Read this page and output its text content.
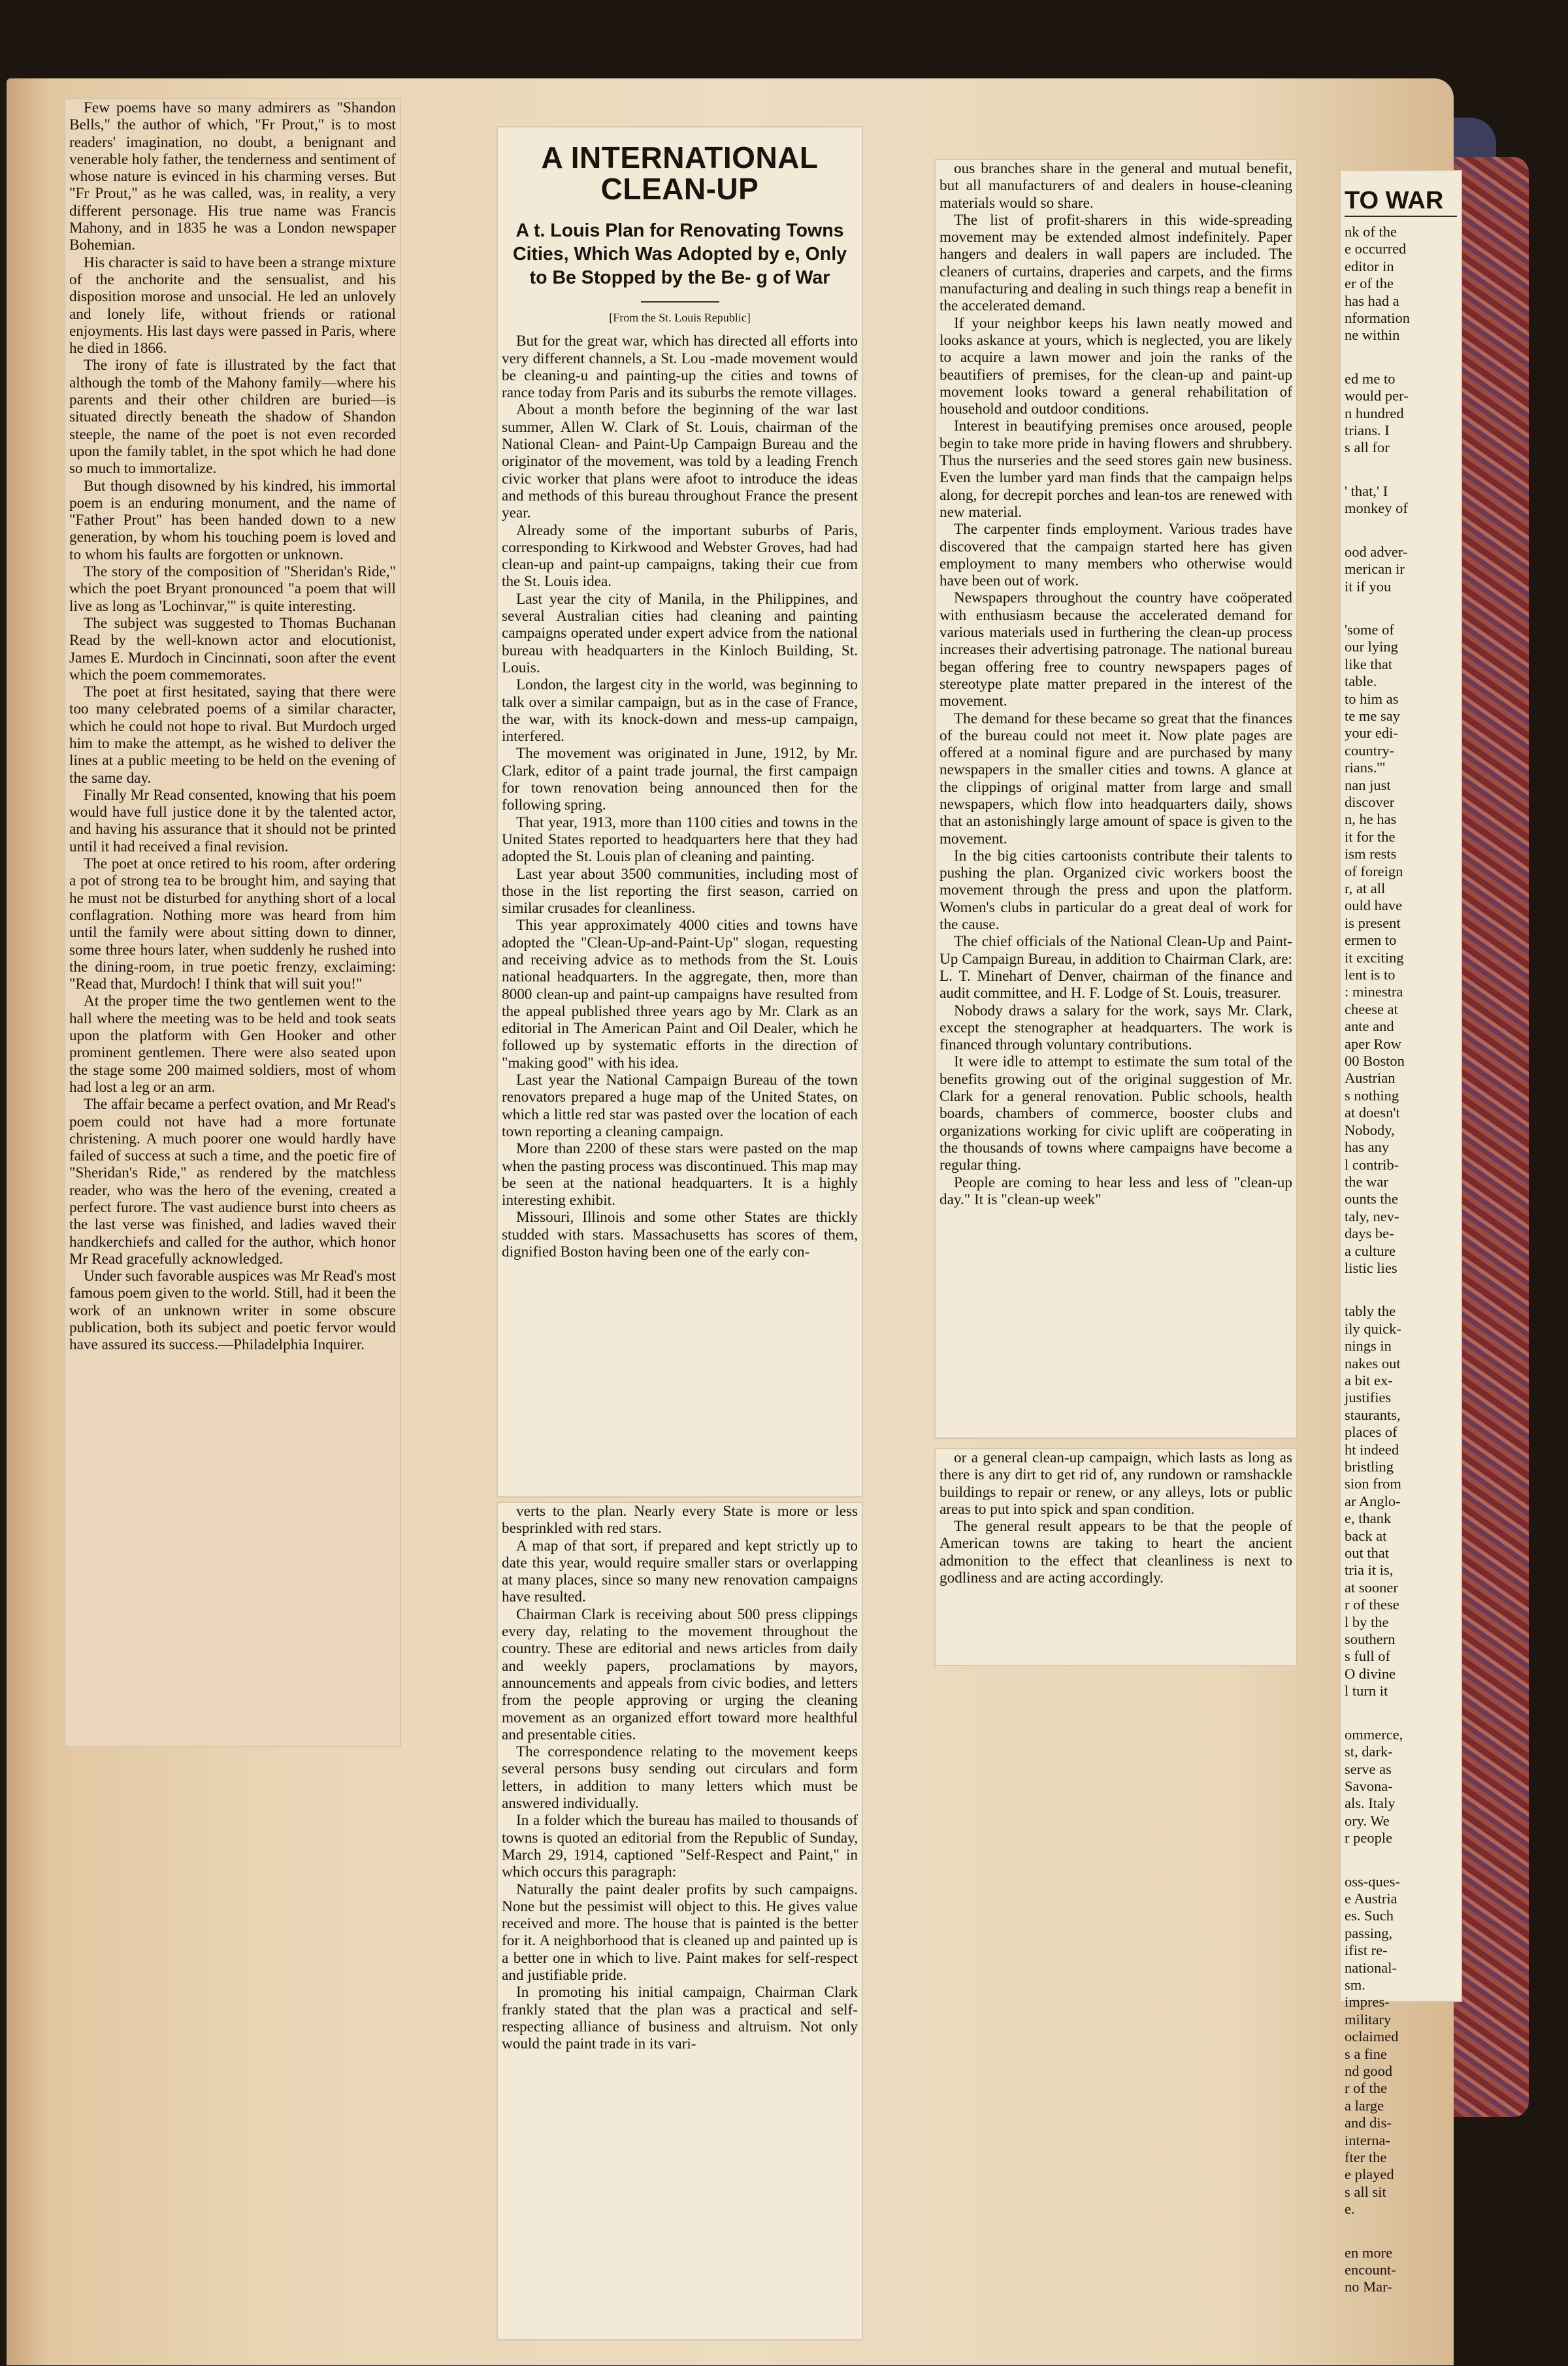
Few poems have so many admirers as "Shandon Bells," the author of which, "Fr Prout," is to most readers' imagination, no doubt, a benignant and venerable holy father, the tenderness and sentiment of whose nature is evinced in his charming verses. But "Fr Prout," as he was called, was, in reality, a very different personage. His true name was Francis Mahony, and in 1835 he was a London newspaper Bohemian.

His character is said to have been a strange mixture of the anchorite and the sensualist, and his disposition morose and unsocial. He led an unlovely and lonely life, without friends or rational enjoyments. His last days were passed in Paris, where he died in 1866.

The irony of fate is illustrated by the fact that although the tomb of the Mahony family—where his parents and their other children are buried—is situated directly beneath the shadow of Shandon steeple, the name of the poet is not even recorded upon the family tablet, in the spot which he had done so much to immortalize.

But though disowned by his kindred, his immortal poem is an enduring monument, and the name of "Father Prout" has been handed down to a new generation, by whom his touching poem is loved and to whom his faults are forgotten or unknown.

The story of the composition of "Sheridan's Ride," which the poet Bryant pronounced "a poem that will live as long as 'Lochinvar,'" is quite interesting.

The subject was suggested to Thomas Buchanan Read by the well-known actor and elocutionist, James E. Murdoch in Cincinnati, soon after the event which the poem commemorates.

The poet at first hesitated, saying that there were too many celebrated poems of a similar character, which he could not hope to rival. But Murdoch urged him to make the attempt, as he wished to deliver the lines at a public meeting to be held on the evening of the same day.

Finally Mr Read consented, knowing that his poem would have full justice done it by the talented actor, and having his assurance that it should not be printed until it had received a final revision.

The poet at once retired to his room, after ordering a pot of strong tea to be brought him, and saying that he must not be disturbed for anything short of a local conflagration. Nothing more was heard from him until the family were about sitting down to dinner, some three hours later, when suddenly he rushed into the dining-room, in true poetic frenzy, exclaiming: "Read that, Murdoch! I think that will suit you!"

At the proper time the two gentlemen went to the hall where the meeting was to be held and took seats upon the platform with Gen Hooker and other prominent gentlemen. There were also seated upon the stage some 200 maimed soldiers, most of whom had lost a leg or an arm.

The affair became a perfect ovation, and Mr Read's poem could not have had a more fortunate christening. A much poorer one would hardly have failed of success at such a time, and the poetic fire of "Sheridan's Ride," as rendered by the matchless reader, who was the hero of the evening, created a perfect furore. The vast audience burst into cheers as the last verse was finished, and ladies waved their handkerchiefs and called for the author, which honor Mr Read gracefully acknowledged.

Under such favorable auspices was Mr Read's most famous poem given to the world. Still, had it been the work of an unknown writer in some obscure publication, both its subject and poetic fervor would have assured its success.—Philadelphia Inquirer.

A INTERNATIONAL CLEAN-UP
A t. Louis Plan for Renovating Towns Cities, Which Was Adopted by e, Only to Be Stopped by the Be- g of War
[From the St. Louis Republic]

But for the great war, which has directed all efforts into very different channels, a St. Lou -made movement would be cleaning-u and painting-up the cities and towns of rance today from Paris and its suburbs the remote villages.

About a month before the beginning of the war last summer, Allen W. Clark of St. Louis, chairman of the National Clean- and Paint-Up Campaign Bureau and the originator of the movement, was told by a leading French civic worker that plans were afoot to introduce the ideas and methods of this bureau throughout France the present year.

Already some of the important suburbs of Paris, corresponding to Kirkwood and Webster Groves, had had clean-up and paint-up campaigns, taking their cue from the St. Louis idea.

Last year the city of Manila, in the Philippines, and several Australian cities had cleaning and painting campaigns operated under expert advice from the national bureau with headquarters in the Kinloch Building, St. Louis.

London, the largest city in the world, was beginning to talk over a similar campaign, but as in the case of France, the war, with its knock-down and mess-up campaign, interfered.

The movement was originated in June, 1912, by Mr. Clark, editor of a paint trade journal, the first campaign for town renovation being announced then for the following spring.

That year, 1913, more than 1100 cities and towns in the United States reported to headquarters here that they had adopted the St. Louis plan of cleaning and painting.

Last year about 3500 communities, including most of those in the list reporting the first season, carried on similar crusades for cleanliness.

This year approximately 4000 cities and towns have adopted the "Clean-Up-and-Paint-Up" slogan, requesting and receiving advice as to methods from the St. Louis national headquarters. In the aggregate, then, more than 8000 clean-up and paint-up campaigns have resulted from the appeal published three years ago by Mr. Clark as an editorial in The American Paint and Oil Dealer, which he followed up by systematic efforts in the direction of "making good" with his idea.

Last year the National Campaign Bureau of the town renovators prepared a huge map of the United States, on which a little red star was pasted over the location of each town reporting a cleaning campaign.

More than 2200 of these stars were pasted on the map when the pasting process was discontinued. This map may be seen at the national headquarters. It is a highly interesting exhibit.

Missouri, Illinois and some other States are thickly studded with stars. Massachusetts has scores of them, dignified Boston having been one of the early con-

verts to the plan. Nearly every State is more or less besprinkled with red stars.

A map of that sort, if prepared and kept strictly up to date this year, would require smaller stars or overlapping at many places, since so many new renovation campaigns have resulted.

Chairman Clark is receiving about 500 press clippings every day, relating to the movement throughout the country. These are editorial and news articles from daily and weekly papers, proclamations by mayors, announcements and appeals from civic bodies, and letters from the people approving or urging the cleaning movement as an organized effort toward more healthful and presentable cities.

The correspondence relating to the movement keeps several persons busy sending out circulars and form letters, in addition to many letters which must be answered individually.

In a folder which the bureau has mailed to thousands of towns is quoted an editorial from the Republic of Sunday, March 29, 1914, captioned "Self-Respect and Paint," in which occurs this paragraph:

Naturally the paint dealer profits by such campaigns. None but the pessimist will object to this. He gives value received and more. The house that is painted is the better for it. A neighborhood that is cleaned up and painted up is a better one in which to live. Paint makes for self-respect and justifiable pride.

In promoting his initial campaign, Chairman Clark frankly stated that the plan was a practical and self-respecting alliance of business and altruism. Not only would the paint trade in its vari-

ous branches share in the general and mutual benefit, but all manufacturers of and dealers in house-cleaning materials would so share.

The list of profit-sharers in this wide-spreading movement may be extended almost indefinitely. Paper hangers and dealers in wall papers are included. The cleaners of curtains, draperies and carpets, and the firms manufacturing and dealing in such things reap a benefit in the accelerated demand.

If your neighbor keeps his lawn neatly mowed and looks askance at yours, which is neglected, you are likely to acquire a lawn mower and join the ranks of the beautifiers of premises, for the clean-up and paint-up movement looks toward a general rehabilitation of household and outdoor conditions.

Interest in beautifying premises once aroused, people begin to take more pride in having flowers and shrubbery. Thus the nurseries and the seed stores gain new business. Even the lumber yard man finds that the campaign helps along, for decrepit porches and lean-tos are renewed with new material.

The carpenter finds employment. Various trades have discovered that the campaign started here has given employment to many members who otherwise would have been out of work.

Newspapers throughout the country have coöperated with enthusiasm because the accelerated demand for various materials used in furthering the clean-up process increases their advertising patronage. The national bureau began offering free to country newspapers pages of stereotype plate matter prepared in the interest of the movement.

The demand for these became so great that the finances of the bureau could not meet it. Now plate pages are offered at a nominal figure and are purchased by many newspapers in the smaller cities and towns. A glance at the clippings of original matter from large and small newspapers, which flow into headquarters daily, shows that an astonishingly large amount of space is given to the movement.

In the big cities cartoonists contribute their talents to pushing the plan. Organized civic workers boost the movement through the press and upon the platform. Women's clubs in particular do a great deal of work for the cause.

The chief officials of the National Clean-Up and Paint-Up Campaign Bureau, in addition to Chairman Clark, are: L. T. Minehart of Denver, chairman of the finance and audit committee, and H. F. Lodge of St. Louis, treasurer.

Nobody draws a salary for the work, says Mr. Clark, except the stenographer at headquarters. The work is financed through voluntary contributions.

It were idle to attempt to estimate the sum total of the benefits growing out of the original suggestion of Mr. Clark for a general renovation. Public schools, health boards, chambers of commerce, booster clubs and organizations working for civic uplift are coöperating in the thousands of towns where campaigns have become a regular thing.

People are coming to hear less and less of "clean-up day." It is "clean-up week"

or a general clean-up campaign, which lasts as long as there is any dirt to get rid of, any rundown or ramshackle buildings to repair or renew, or any alleys, lots or public areas to put into spick and span condition.

The general result appears to be that the people of American towns are taking to heart the ancient admonition to the effect that cleanliness is next to godliness and are acting accordingly.

TO WAR
nk of the
e occurred
editor in
er of the
has had a
nformation
ne within
ed me to
would per-
n hundred
trians. I
s all for
' that,' I
monkey of
ood adver-
merican ir
it if you
'some of
our lying
like that
table.
to him as
te me say
your edi-
country-
rians.'"
nan just
discover
n, he has
it for the
ism rests
of foreign
r, at all
ould have
is present
ermen to
it exciting
lent is to
: minestra
cheese at
ante and
aper Row
00 Boston
Austrian
s nothing
at doesn't
Nobody,
has any
l contrib-
the war
ounts the
taly, nev-
days be-
a culture
listic lies
tably the
ily quick-
nings in
nakes out
a bit ex-
justifies
staurants,
places of
ht indeed
bristling
sion from
ar Anglo-
e, thank
back at
out that
tria it is,
at sooner
r of these
l by the
southern
s full of
O divine
l turn it
ommerce,
st, dark-
serve as
Savona-
als. Italy
ory. We
r people
oss-ques-
e Austria
es. Such
passing,
ifist re-
national-
sm.
impres-
military
oclaimed
s a fine
nd good
r of the
a large
and dis-
interna-
fter the
e played
s all sit
e.
en more
encount-
no Mar-
